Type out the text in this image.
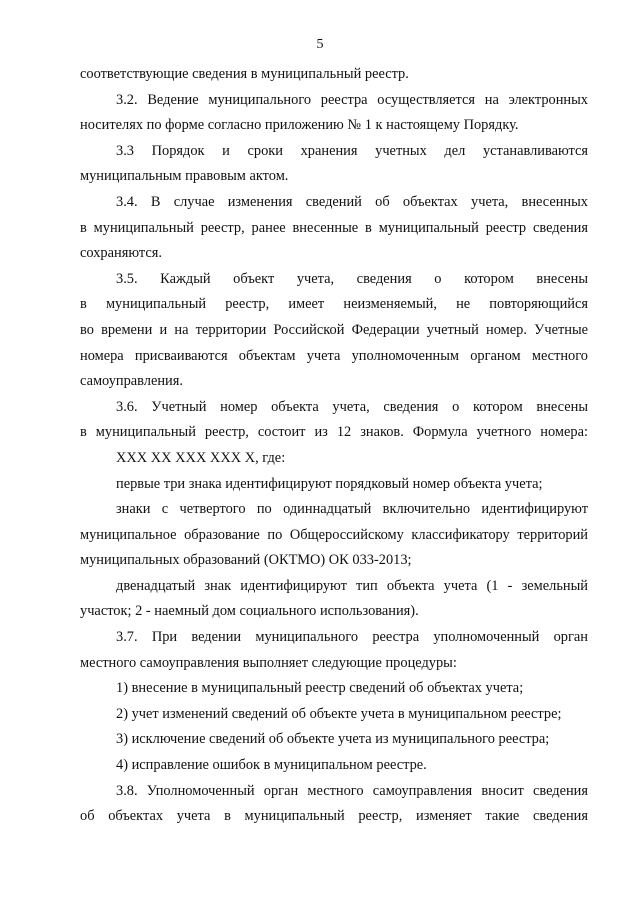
5

соответствующие сведения в муниципальный реестр.

3.2. Ведение муниципального реестра осуществляется на электронных

носителях по форме согласно приложению № 1 к настоящему Порядку.

3.3 Порядок и сроки хранения учетных дел устанавливаются

муниципальным правовым актом.

3.4. В случае изменения сведений об объектах учета, внесенных

в муниципальный реестр, ранее внесенные в муниципальный реестр сведения

сохраняются.

3.5. Каждый объект учета, сведения о котором внесены

в муниципальный реестр, имеет неизменяемый, не повторяющийся

во времени и на территории Российской Федерации учетный номер. Учетные

номера присваиваются объектам учета уполномоченным органом местного

самоуправления.

3.6. Учетный номер объекта учета, сведения о котором внесены

в муниципальный реестр, состоит из 12 знаков. Формула учетного номера:

XXX XX XXX XXX X, где:

первые три знака идентифицируют порядковый номер объекта учета;

знаки с четвертого по одиннадцатый включительно идентифицируют

муниципальное образование по Общероссийскому классификатору территорий

муниципальных образований (ОКТМО) ОК 033-2013;

двенадцатый знак идентифицируют тип объекта учета (1 - земельный

участок; 2 - наемный дом социального использования).

3.7. При ведении муниципального реестра уполномоченный орган

местного самоуправления выполняет следующие процедуры:

1) внесение в муниципальный реестр сведений об объектах учета;

2) учет изменений сведений об объекте учета в муниципальном реестре;

3) исключение сведений об объекте учета из муниципального реестра;

4) исправление ошибок в муниципальном реестре.

3.8. Уполномоченный орган местного самоуправления вносит сведения

об объектах учета в муниципальный реестр, изменяет такие сведения
